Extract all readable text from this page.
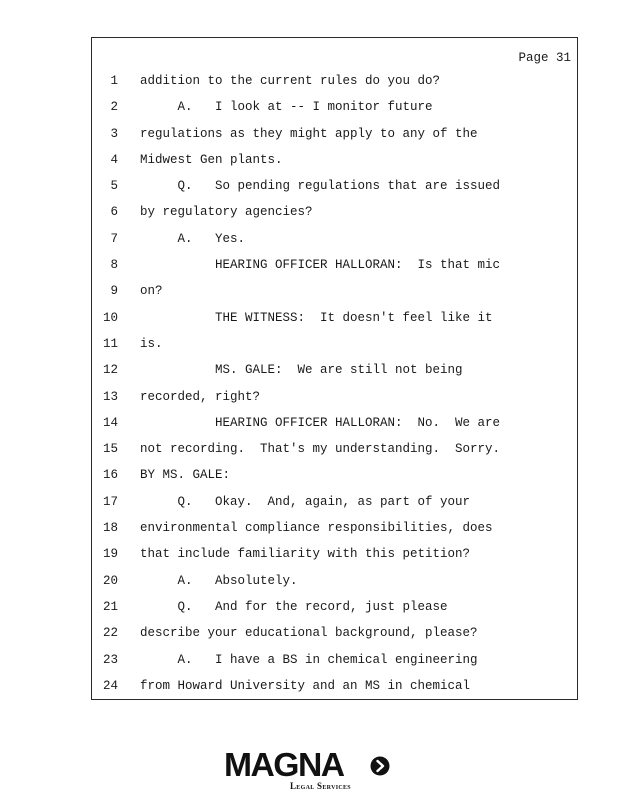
Page 31
1 addition to the current rules do you do?
2 A.   I look at -- I monitor future
3 regulations as they might apply to any of the
4 Midwest Gen plants.
5 Q.   So pending regulations that are issued
6 by regulatory agencies?
7 A.   Yes.
8 HEARING OFFICER HALLORAN:  Is that mic
9 on?
10 THE WITNESS:  It doesn't feel like it
11 is.
12 MS. GALE:  We are still not being
13 recorded, right?
14 HEARING OFFICER HALLORAN:  No.  We are
15 not recording.  That's my understanding.  Sorry.
16 BY MS. GALE:
17 Q.   Okay.  And, again, as part of your
18 environmental compliance responsibilities, does
19 that include familiarity with this petition?
20 A.   Absolutely.
21 Q.   And for the record, just please
22 describe your educational background, please?
23 A.   I have a BS in chemical engineering
24 from Howard University and an MS in chemical
MAGNA
Legal Services
